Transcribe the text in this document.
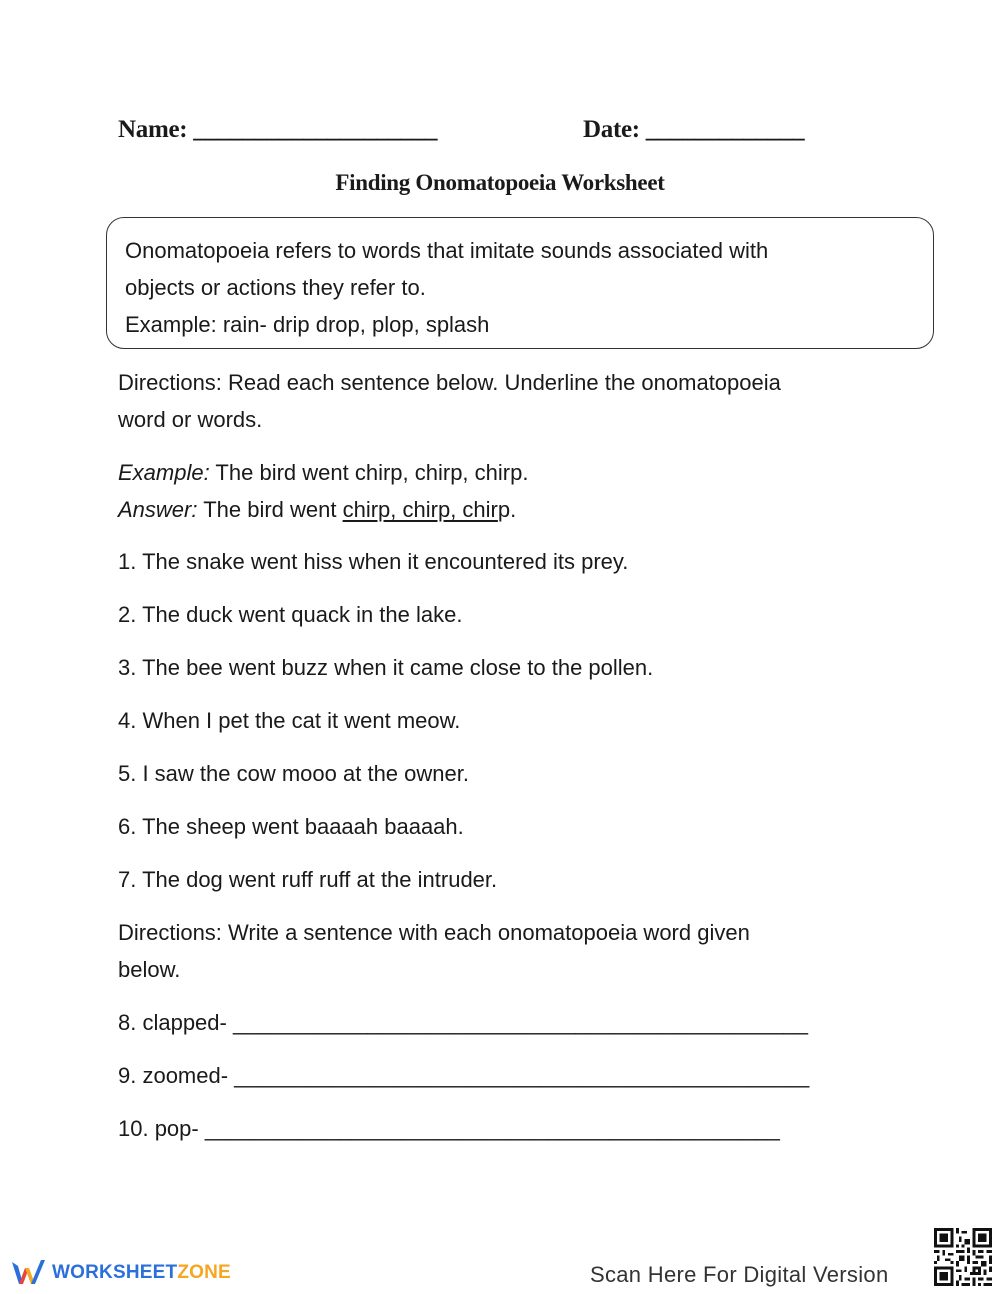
Name: ____________________	Date: _____________
Finding Onomatopoeia Worksheet
Onomatopoeia refers to words that imitate sounds associated with
objects or actions they refer to.
Example: rain- drip drop, plop, splash
Directions: Read each sentence below. Underline the onomatopoeia
word or words.
Example: The bird went chirp, chirp, chirp.
Answer: The bird went chirp, chirp, chirp.
1. The snake went hiss when it encountered its prey.
2. The duck went quack in the lake.
3. The bee went buzz when it came close to the pollen.
4. When I pet the cat it went meow.
5. I saw the cow mooo at the owner.
6. The sheep went baaaah baaaah.
7. The dog went ruff ruff at the intruder.
Directions: Write a sentence with each onomatopoeia word given
below.
8. clapped- _______________________________________________
9. zoomed- _______________________________________________
10. pop- _______________________________________________
WORKSHEETZONE	Scan Here For Digital Version
